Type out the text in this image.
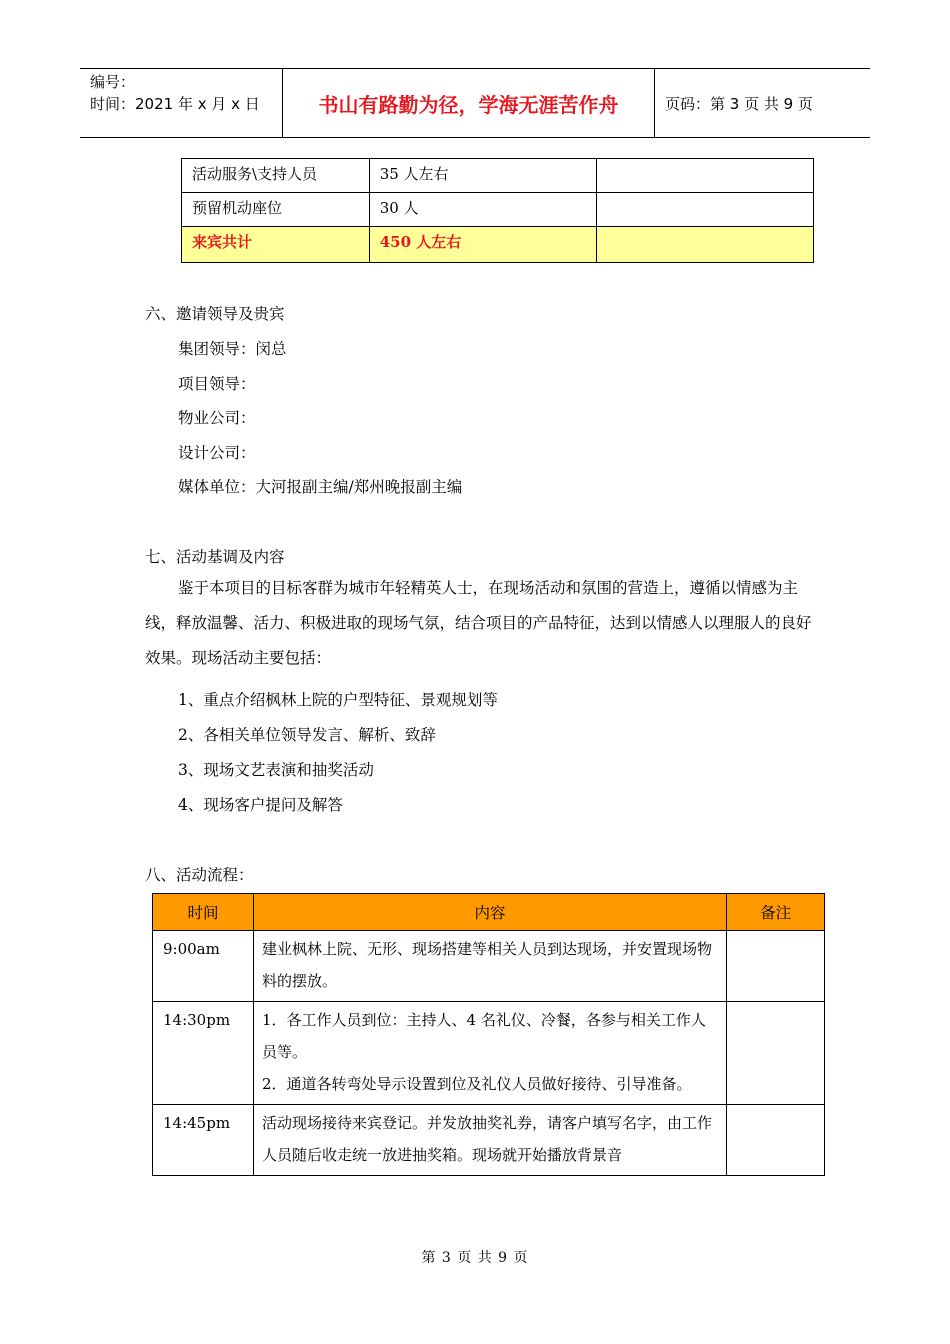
编号：
时间：2021 年 x 月 x 日	书山有路勤为径，学海无涯苦作舟	页码：第 3 页 共 9 页
活动服务\支持人员	35 人左右	
预留机动座位	30 人	
来宾共计	450 人左右	
六、邀请领导及贵宾
集团领导：闵总
项目领导：
物业公司：
设计公司：
媒体单位：大河报副主编/郑州晚报副主编
七、活动基调及内容
鉴于本项目的目标客群为城市年轻精英人士，在现场活动和氛围的营造上，遵循以情感为主线，释放温馨、活力、积极进取的现场气氛，结合项目的产品特征，达到以情感人以理服人的良好效果。现场活动主要包括：
1、重点介绍枫林上院的户型特征、景观规划等
2、各相关单位领导发言、解析、致辞
3、现场文艺表演和抽奖活动
4、现场客户提问及解答
八、活动流程：
时间	内容	备注
9:00am	建业枫林上院、无形、现场搭建等相关人员到达现场，并安置现场物料的摆放。	

14:30pm	1．各工作人员到位：主持人、4 名礼仪、冷餐，各参与相关工作人员等。

2．通道各转弯处导示设置到位及礼仪人员做好接待、引导准备。	

14:45pm	活动现场接待来宾登记。并发放抽奖礼券，请客户填写名字，由工作人员随后收走统一放进抽奖箱。现场就开始播放背景音	

第 3 页 共 9 页
